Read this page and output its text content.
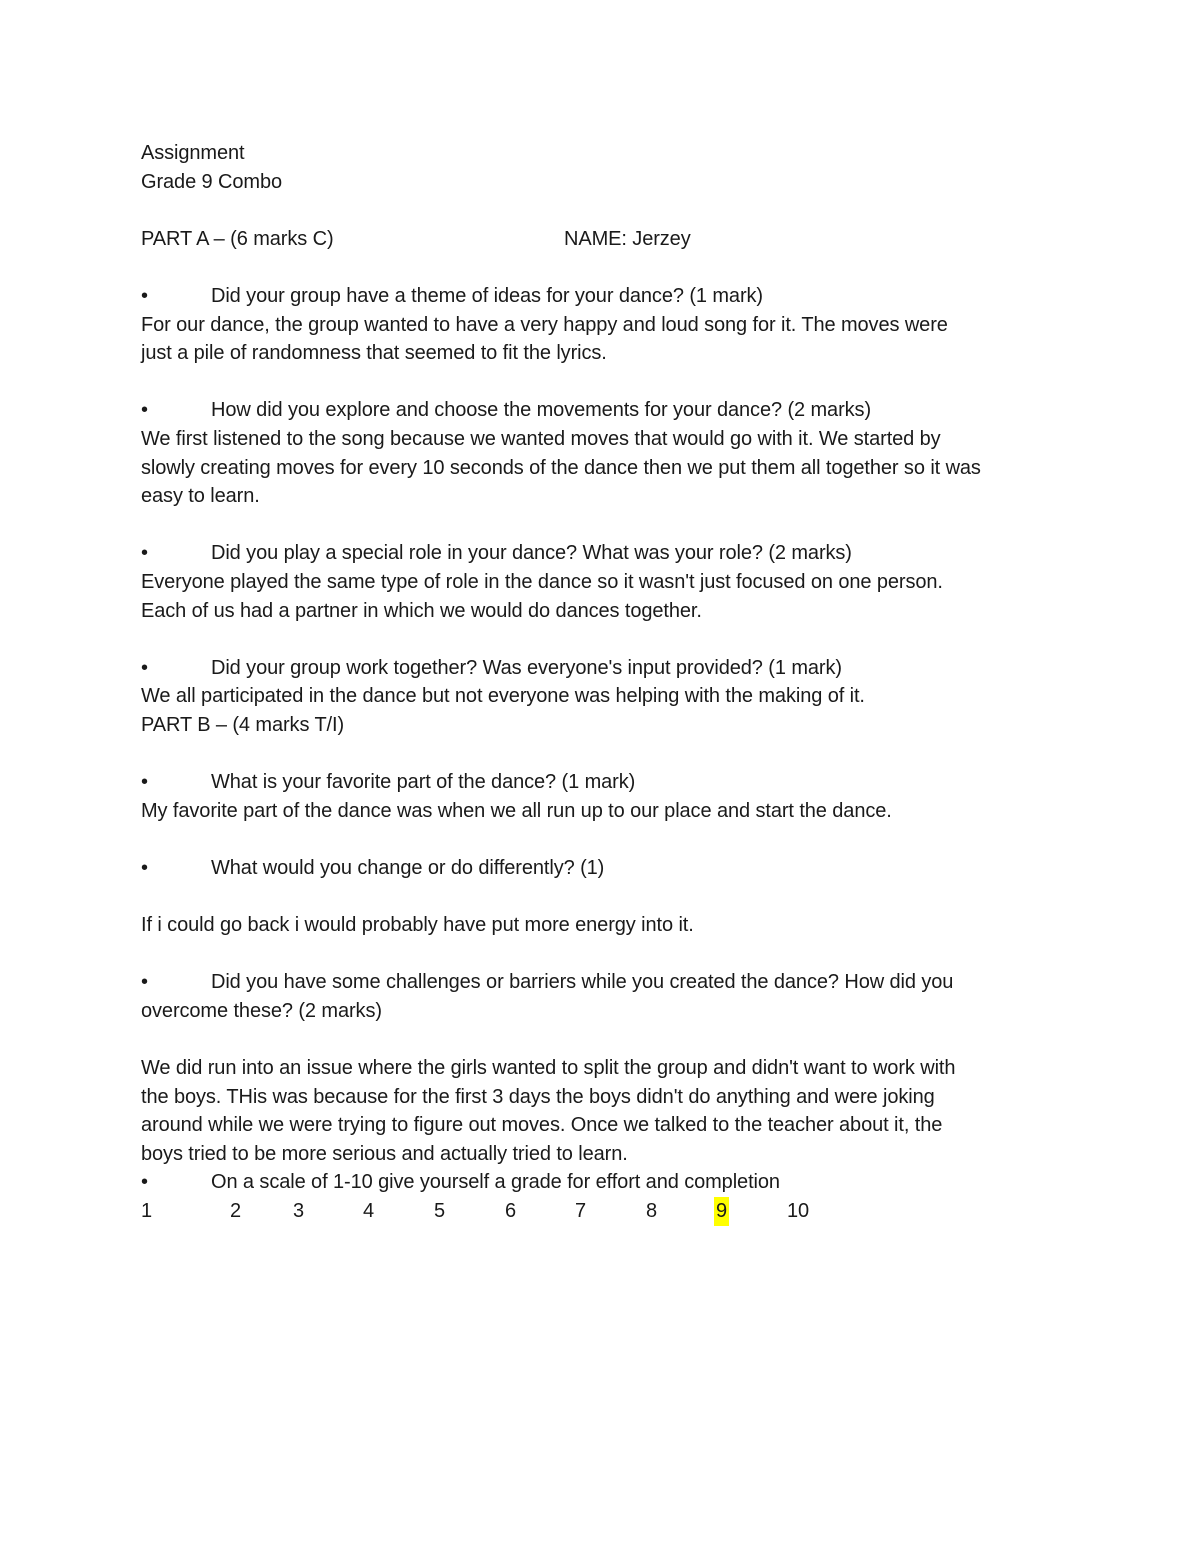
Assignment
Grade 9 Combo
PART A – (6 marks C)	NAME: Jerzey
•	Did your group have a theme of ideas for your dance? (1 mark)
For our dance, the group wanted to have a very happy and loud song for it. The moves were
just a pile of randomness that seemed to fit the lyrics.
•	How did you explore and choose the movements for your dance? (2 marks)
We first listened to the song because we wanted moves that would go with it. We started by
slowly creating moves for every 10 seconds of the dance then we put them all together so it was
easy to learn.
•	Did you play a special role in your dance? What was your role? (2 marks)
Everyone played the same type of role in the dance so it wasn't just focused on one person.
Each of us had a partner in which we would do dances together.
•	Did your group work together? Was everyone's input provided? (1 mark)
We all participated in the dance but not everyone was helping with the making of it.
PART B – (4 marks T/I)
•	What is your favorite part of the dance? (1 mark)
My favorite part of the dance was when we all run up to our place and start the dance.
•	What would you change or do differently? (1)
If i could go back i would probably have put more energy into it.
•	Did you have some challenges or barriers while you created the dance? How did you
overcome these? (2 marks)
We did run into an issue where the girls wanted to split the group and didn't want to work with
the boys. THis was because for the first 3 days the boys didn't do anything and were joking
around while we were trying to figure out moves. Once we talked to the teacher about it, the
boys tried to be more serious and actually tried to learn.
•	On a scale of 1-10 give yourself a grade for effort and completion
1	2	3	4	5	6	7	8	9	10
